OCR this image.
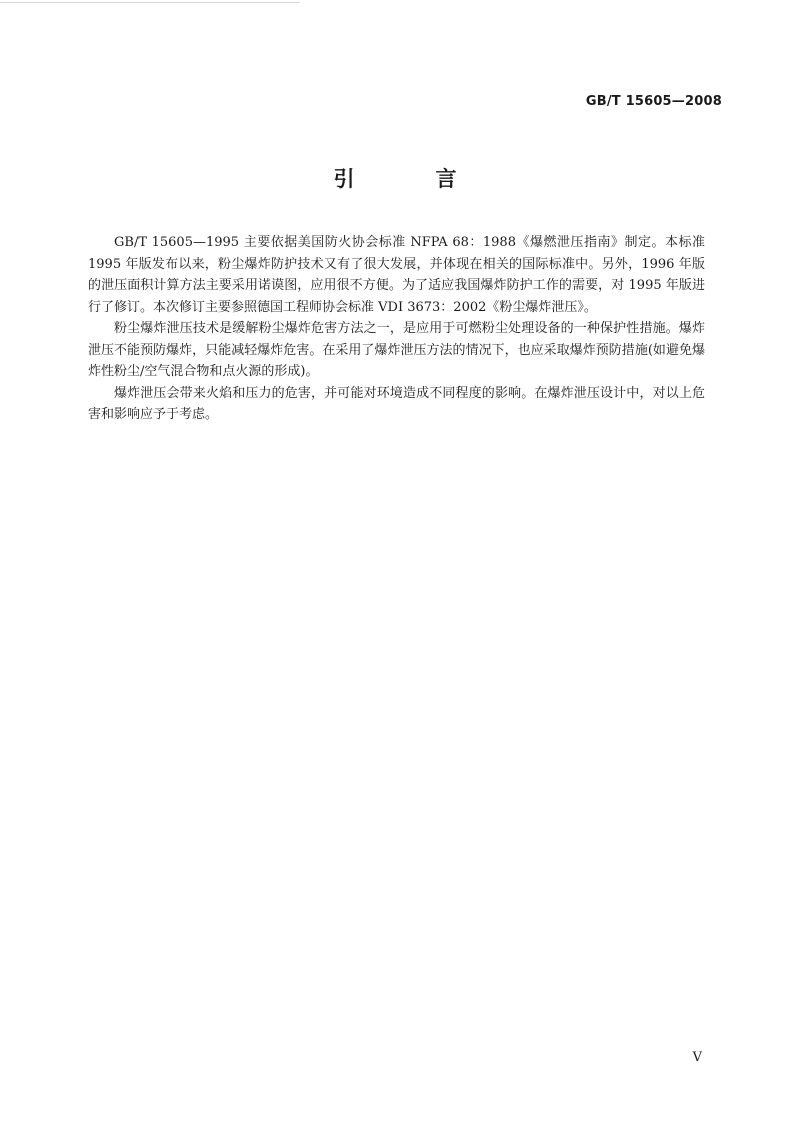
GB/T 15605—2008
引　言

GB/T 15605—1995 主要依据美国防火协会标准 NFPA 68：1988《爆燃泄压指南》制定。本标准 1995 年版发布以来，粉尘爆炸防护技术又有了很大发展，并体现在相关的国际标准中。另外，1996 年版的泄压面积计算方法主要采用诺谟图，应用很不方便。为了适应我国爆炸防护工作的需要，对 1995 年版进行了修订。本次修订主要参照德国工程师协会标准 VDI 3673：2002《粉尘爆炸泄压》。

粉尘爆炸泄压技术是缓解粉尘爆炸危害方法之一，是应用于可燃粉尘处理设备的一种保护性措施。爆炸泄压不能预防爆炸，只能减轻爆炸危害。在采用了爆炸泄压方法的情况下，也应采取爆炸预防措施(如避免爆炸性粉尘/空气混合物和点火源的形成)。

爆炸泄压会带来火焰和压力的危害，并可能对环境造成不同程度的影响。在爆炸泄压设计中，对以上危害和影响应予于考虑。

V
